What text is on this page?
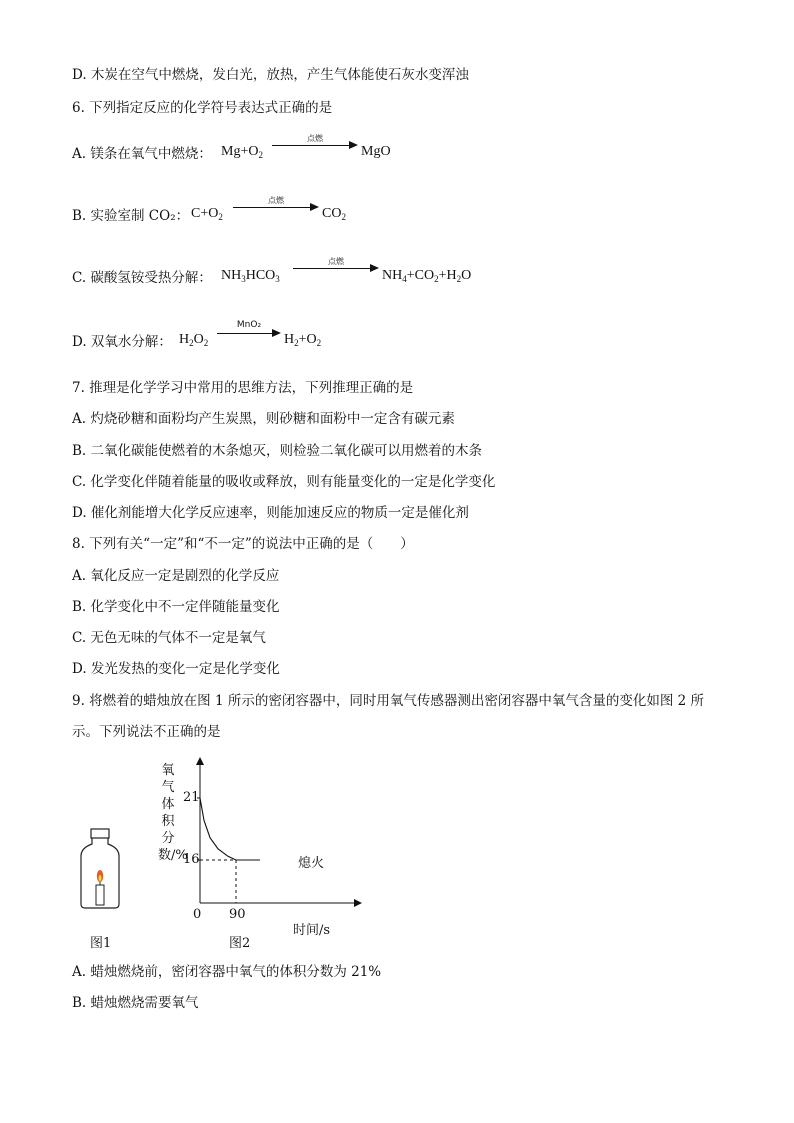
D. 木炭在空气中燃烧，发白光，放热，产生气体能使石灰水变浑浊
6. 下列指定反应的化学符号表达式正确的是
A. 镁条在氧气中燃烧： $Mg+O_2$
点燃
MgO
B. 实验室制 CO₂： $C+O_2$
点燃
$CO_2$
C. 碳酸氢铵受热分解： $NH_3HCO_3$
点燃
$NH_4+CO_2+H_2O$
D. 双氧水分解： $H_2O_2$
MnO₂
$H_2+O_2$
7. 推理是化学学习中常用的思维方法，下列推理正确的是
A. 灼烧砂糖和面粉均产生炭黑，则砂糖和面粉中一定含有碳元素
B. 二氧化碳能使燃着的木条熄灭，则检验二氧化碳可以用燃着的木条
C. 化学变化伴随着能量的吸收或释放，则有能量变化的一定是化学变化
D. 催化剂能增大化学反应速率，则能加速反应的物质一定是催化剂
8. 下列有关“一定”和“不一定”的说法中正确的是（　　）
A. 氧化反应一定是剧烈的化学反应
B. 化学变化中不一定伴随能量变化
C. 无色无味的气体不一定是氧气
D. 发光发热的变化一定是化学变化
9. 将燃着的蜡烛放在图 1 所示的密闭容器中，同时用氧气传感器测出密闭容器中氧气含量的变化如图 2 所
示。下列说法不正确的是
图1
氧气体积分数/%
21
16
0 90
熄火
时间/s
图2
A. 蜡烛燃烧前，密闭容器中氧气的体积分数为 21%
B. 蜡烛燃烧需要氧气
